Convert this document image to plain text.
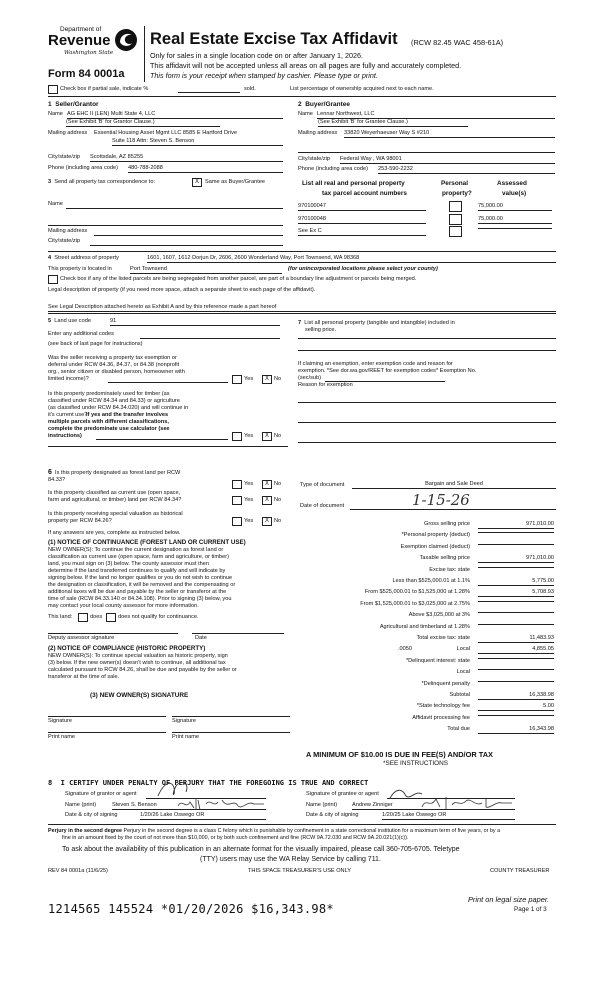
Department of
Revenue
Washington State
Form 84 0001a
Real Estate Excise Tax Affidavit (RCW 82.45 WAC 458-61A)
Only for sales in a single location code on or after January 1, 2026.
This affidavit will not be accepted unless all areas on all pages are fully and accurately completed.
This form is your receipt when stamped by cashier. Please type or print.
Check box if partial sale, indicate %	sold.	List percentage of ownership acquired next to each name.
1  Seller/Grantor
Name AG EHC II (LEN) Multi State 4, LLC
(See Exhibit 'B' for Grantor Clause.)
Mailing address Essential Housing Asset Mgmt LLC 8585 E Hartford Drive
Suite 118 Attn: Steven S. Benson
City/state/zip Scottsdale, AZ 85255
Phone (including area code) 480-788-2088
2  Buyer/Grantee
Name Lennar Northwest, LLC
(See Exhibit 'B' for Grantee Clause.)
Mailing address 33820 Weyerhaeuser Way S #210
City/state/zip Federal Way , WA 98001
Phone (including area code) 253-590-2232
3 Send all property tax correspondence to:	X	Same as Buyer/Grantee
Name
Mailing address
City/state/zip
List all real and personal property
tax parcel account numbers
Personal
property?
Assessed
value(s)
970100047	75,000.00
970100048	75,000.00
See Ex C
4 Street address of property	1601, 1607, 1612 Dorjun Dr, 2606, 2600 Wonderland Way, Port Townsend, WA 98368
This property is located in	Port Townsend	(for unincorporated locations please select your county)
Check box if any of the listed parcels are being segregated from another parcel, are part of a boundary line adjustment or parcels being merged.
Legal description of property (if you need more space, attach a separate sheet to each page of the affidavit).
See Legal Description attached hereto as Exhibit A and by this reference made a part hereof
5 Land use code	91
Enter any additional codes
(see back of last page for instructions)
Was the seller receiving a property tax exemption or
deferral under RCW 84.36, 84.37, or 84.38 (nonprofit
org., senior citizen or disabled person, homeowner with
limited income)?	Yes	X No
Is this property predominately used for timber (as
classified under RCW 84.34 and 84.33) or agriculture
(as classified under RCW 84.34.020) and will continue in
it's current use?
If yes and the transfer involves
multiple parcels with different classifications,
complete the predominate use calculator (see
instructions)	Yes	X No
7 List all personal property (tangible and intangible) included in
selling price.
If claiming an exemption, enter exemption code and reason for
exemption. *See dor.wa.gov/REET for exemption codes* Exemption No.
(sec/sub)
Reason for exemption
6 Is this property designated as forest land per RCW
84.33?
Yes	X No
Is this property classified as current use (open space,
farm and agricultural, or timber) land per RCW 84.34?	Yes	X No
Is this property receiving special valuation as historical
property per RCW 84.26?	Yes	X No
If any answers are yes, complete as instructed below.
(1) NOTICE OF CONTINUANCE (FOREST LAND OR CURRENT USE)
NEW OWNER(S): To continue the current designation as forest land or
classification as current use (open space, farm and agriculture, or timber)
land, you must sign on (3) below. The county assessor must then
determine if the land transferred continues to qualify and will indicate by
signing below. If the land no longer qualifies or you do not wish to continue
the designation or classification, it will be removed and the compensating or
additional taxes will be due and payable by the seller or transferor at the
time of sale (RCW 84.33.140 or 84.34.108). Prior to signing (3) below, you
may contact your local county assessor for more information.
This land:	does	does not qualify for continuance.
Deputy assessor signature	Date
(2) NOTICE OF COMPLIANCE (HISTORIC PROPERTY)
NEW OWNER(S): To continue special valuation as historic property, sign
(3) below. If the new owner(s) doesn't wish to continue, all additional tax
calculated pursuant to RCW 84.26, shall be due and payable by the seller or
transferor at the time of sale.
(3) NEW OWNER(S) SIGNATURE
Signature	Signature
Print name	Print name
Type of document	Bargain and Sale Deed
Date of document	1-15-26
Gross selling price	971,010.00
*Personal property (deduct)
Exemption claimed (deduct)
Taxable selling price	971,010.00
Excise tax: state
Less than $525,000.01 at 1.1%	5,775.00
From $525,000.01 to $1,525,000 at 1.28%	5,708.93
From $1,525,000.01 to $3,025,000 at 2.75%
Above $3,025,000 at 3%
Agricultural and timberland at 1.28%
Total excise tax: state	11,483.93
Local
.0050	4,855.05
*Delinquent interest: state
Local
*Delinquent penalty
Subtotal	16,338.98
*State technology fee	5.00
Affidavit processing fee
Total due	16,343.98
A MINIMUM OF $10.00 IS DUE IN FEE(S) AND/OR TAX
*SEE INSTRUCTIONS
8  I CERTIFY UNDER PENALTY OF PERJURY THAT THE FOREGOING IS TRUE AND CORRECT
Signature of grantor or agent
Name (print)	Steven S. Benson
Date & city of signing	1/20/26 Lake Oswego OR
Signature of grantee or agent
Name (print)	Andrew Zinniger
Date & city of signing	1/20/25 Lake Oswego OR
Perjury in the second degree Perjury in the second degree is a class C felony which is punishable by confinement in a state correctional institution for a maximum term of five years, or by a
fine in an amount fixed by the court of not more than $10,000, or by both such confinement and fine (RCW 9A.72.030 and RCW 9A.20.021(1)(c)).
To ask about the availability of this publication in an alternate format for the visually impaired, please call 360-705-6705. Teletype
(TTY) users may use the WA Relay Service by calling 711.
REV 84 0001a (11/6/25)	THIS SPACE TREASURER'S USE ONLY	COUNTY TREASURER
1214565 145524 *01/20/2026 $16,343.98*
Print on legal size paper.
Page 1 of 3
